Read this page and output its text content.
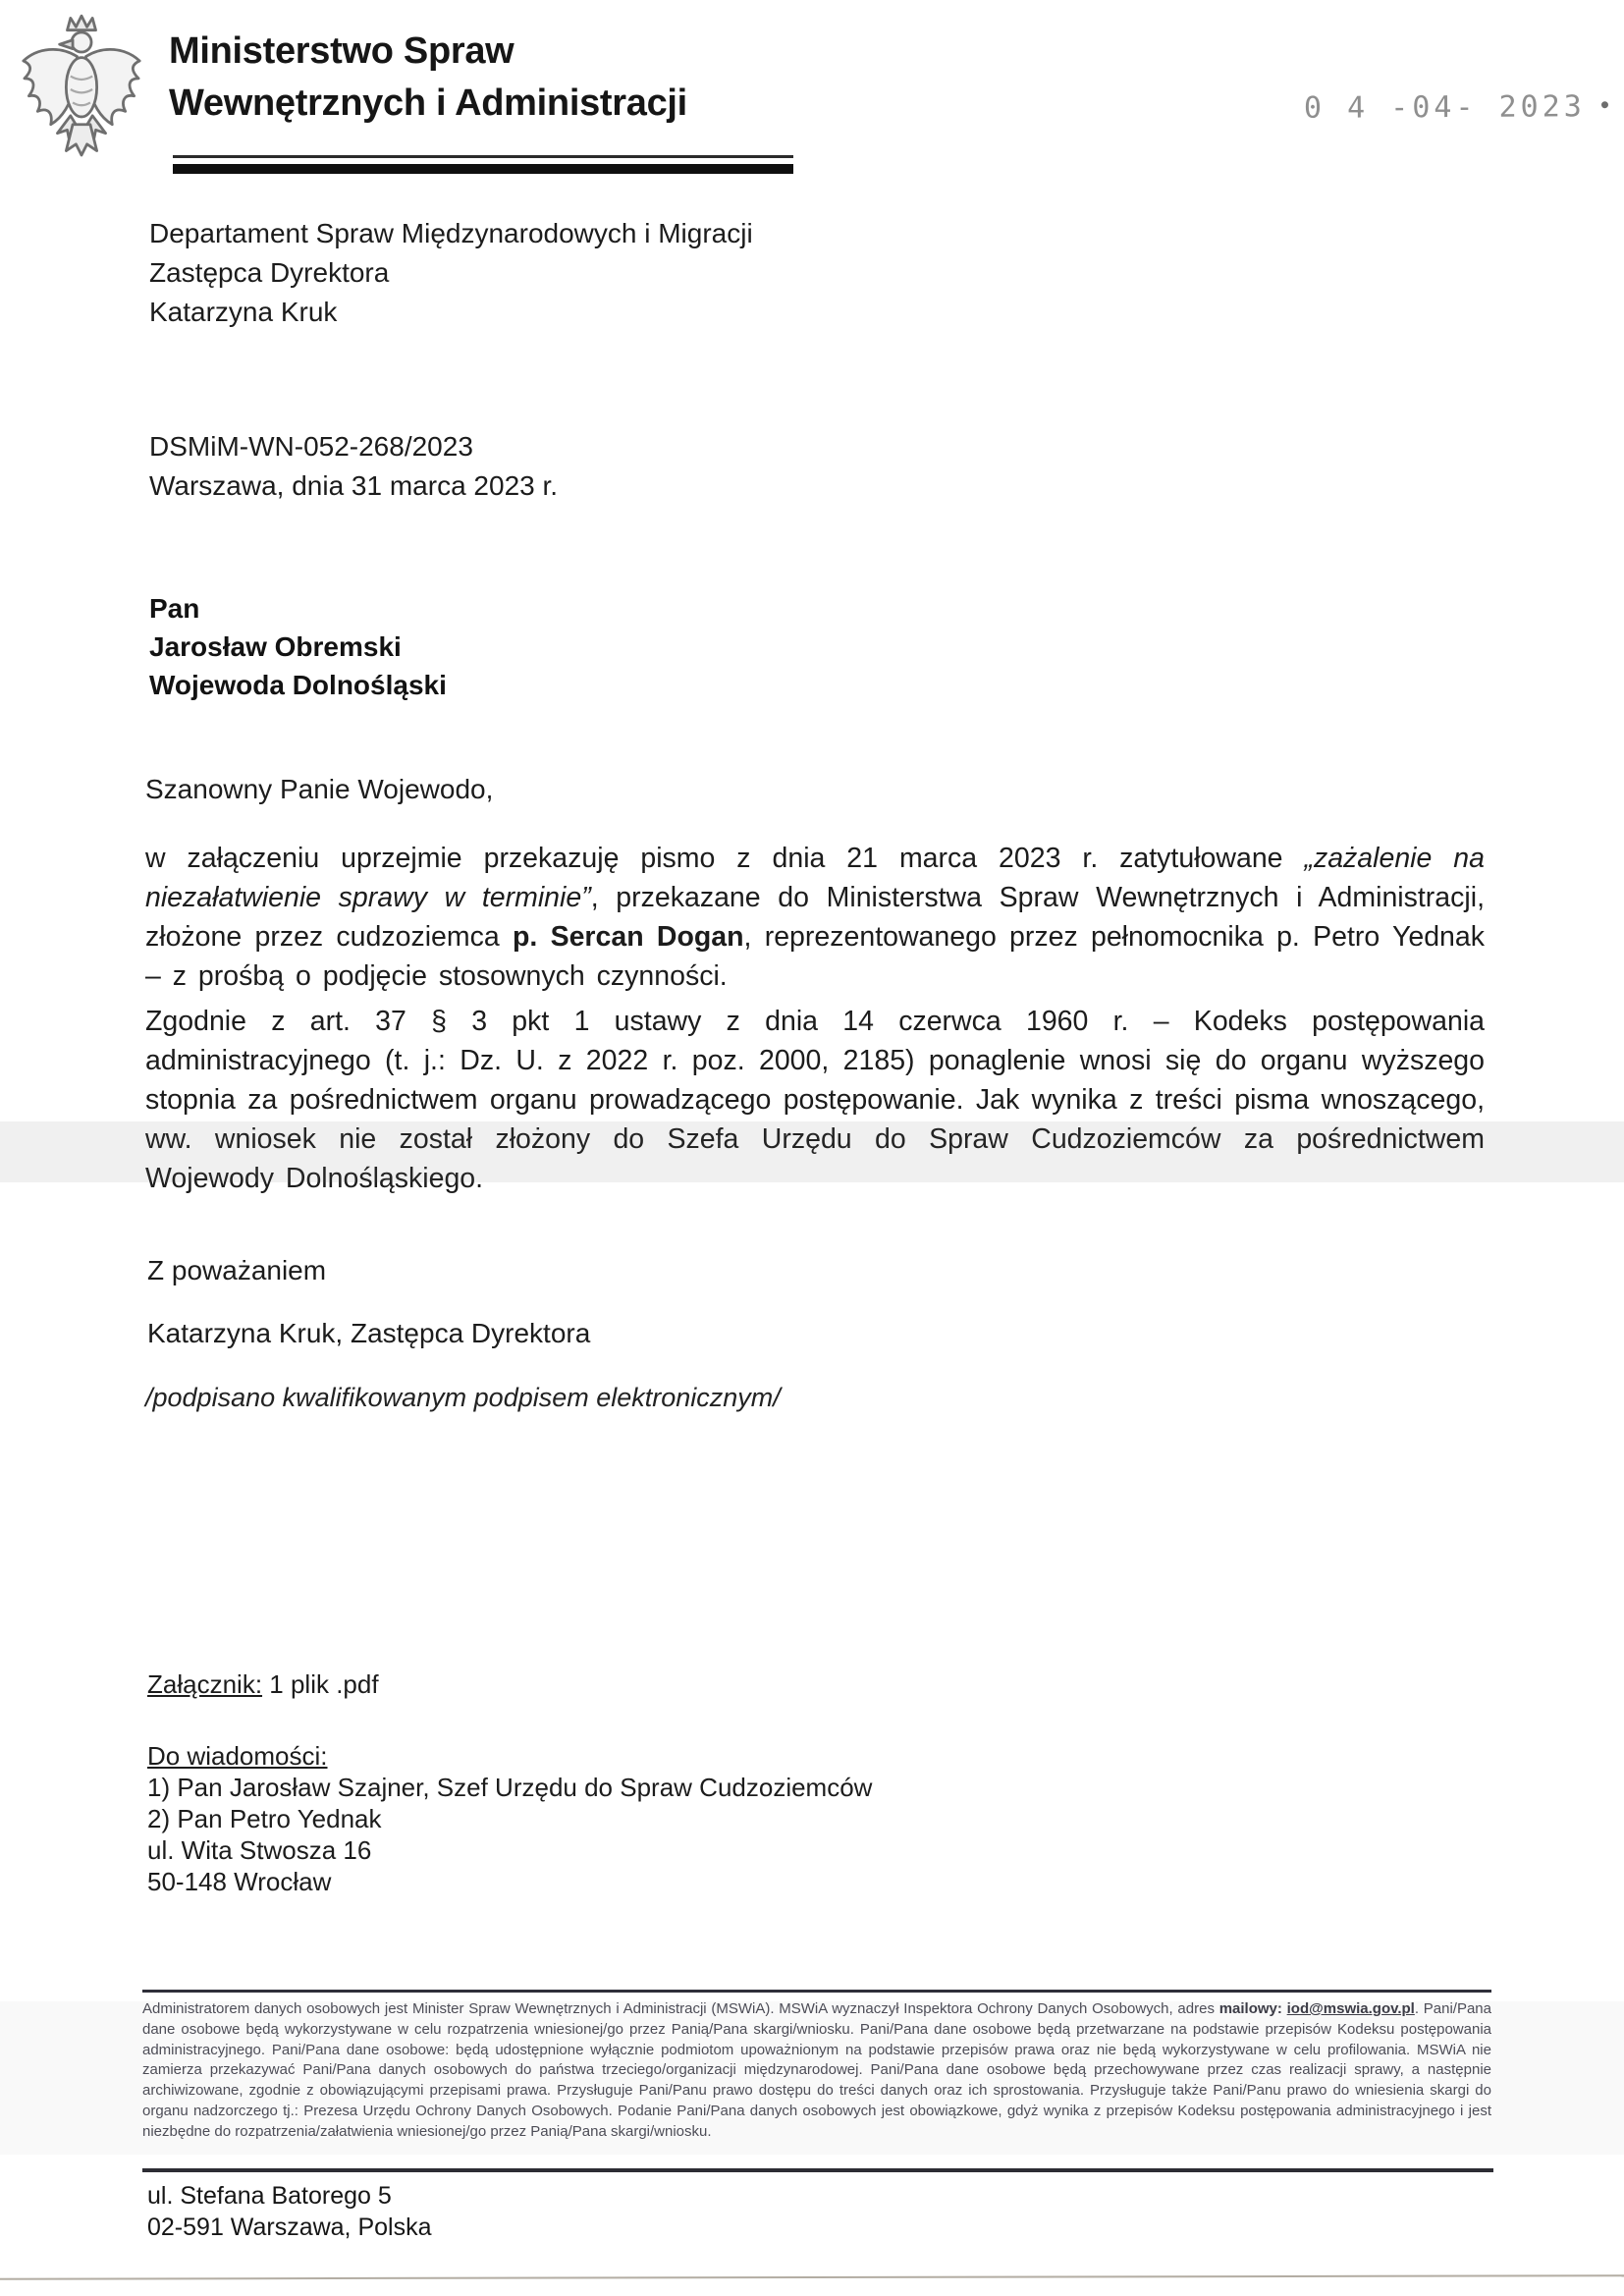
Ministerstwo Spraw
Wewnętrznych i Administracji	0 4 -04- 2023
Departament Spraw Międzynarodowych i Migracji
Zastępca Dyrektora
Katarzyna Kruk
DSMiM-WN-052-268/2023
Warszawa, dnia 31 marca 2023 r.
Pan
Jarosław Obremski
Wojewoda Dolnośląski
Szanowny Panie Wojewodo,

w załączeniu uprzejmie przekazuję pismo z dnia 21 marca 2023 r. zatytułowane „zażalenie na niezałatwienie sprawy w terminie”, przekazane do Ministerstwa Spraw Wewnętrznych i Administracji, złożone przez cudzoziemca p. Sercan Dogan, reprezentowanego przez pełnomocnika p. Petro Yednak – z prośbą o podjęcie stosownych czynności.

Zgodnie z art. 37 § 3 pkt 1 ustawy z dnia 14 czerwca 1960 r. – Kodeks postępowania administracyjnego (t. j.: Dz. U. z 2022 r. poz. 2000, 2185) ponaglenie wnosi się do organu wyższego stopnia za pośrednictwem organu prowadzącego postępowanie. Jak wynika z treści pisma wnoszącego, ww. wniosek nie został złożony do Szefa Urzędu do Spraw Cudzoziemców za pośrednictwem Wojewody Dolnośląskiego.

Z poważaniem
Katarzyna Kruk, Zastępca Dyrektora
/podpisano kwalifikowanym podpisem elektronicznym/
Załącznik: 1 plik .pdf
Do wiadomości:
1) Pan Jarosław Szajner, Szef Urzędu do Spraw Cudzoziemców
2) Pan Petro Yednak
ul. Wita Stwosza 16
50-148 Wrocław

Administratorem danych osobowych jest Minister Spraw Wewnętrznych i Administracji (MSWiA). MSWiA wyznaczył Inspektora Ochrony Danych Osobowych, adres mailowy: iod@mswia.gov.pl. Pani/Pana dane osobowe będą wykorzystywane w celu rozpatrzenia wniesionej/go przez Panią/Pana skargi/wniosku. Pani/Pana dane osobowe będą przetwarzane na podstawie przepisów Kodeksu postępowania administracyjnego. Pani/Pana dane osobowe: będą udostępnione wyłącznie podmiotom upoważnionym na podstawie przepisów prawa oraz nie będą wykorzystywane w celu profilowania. MSWiA nie zamierza przekazywać Pani/Pana danych osobowych do państwa trzeciego/organizacji międzynarodowej. Pani/Pana dane osobowe będą przechowywane przez czas realizacji sprawy, a następnie archiwizowane, zgodnie z obowiązującymi przepisami prawa. Przysługuje Pani/Panu prawo dostępu do treści danych oraz ich sprostowania. Przysługuje także Pani/Panu prawo do wniesienia skargi do organu nadzorczego tj.: Prezesa Urzędu Ochrony Danych Osobowych. Podanie Pani/Pana danych osobowych jest obowiązkowe, gdyż wynika z przepisów Kodeksu postępowania administracyjnego i jest niezbędne do rozpatrzenia/załatwienia wniesionej/go przez Panią/Pana skargi/wniosku.

ul. Stefana Batorego 5
02-591 Warszawa, Polska
